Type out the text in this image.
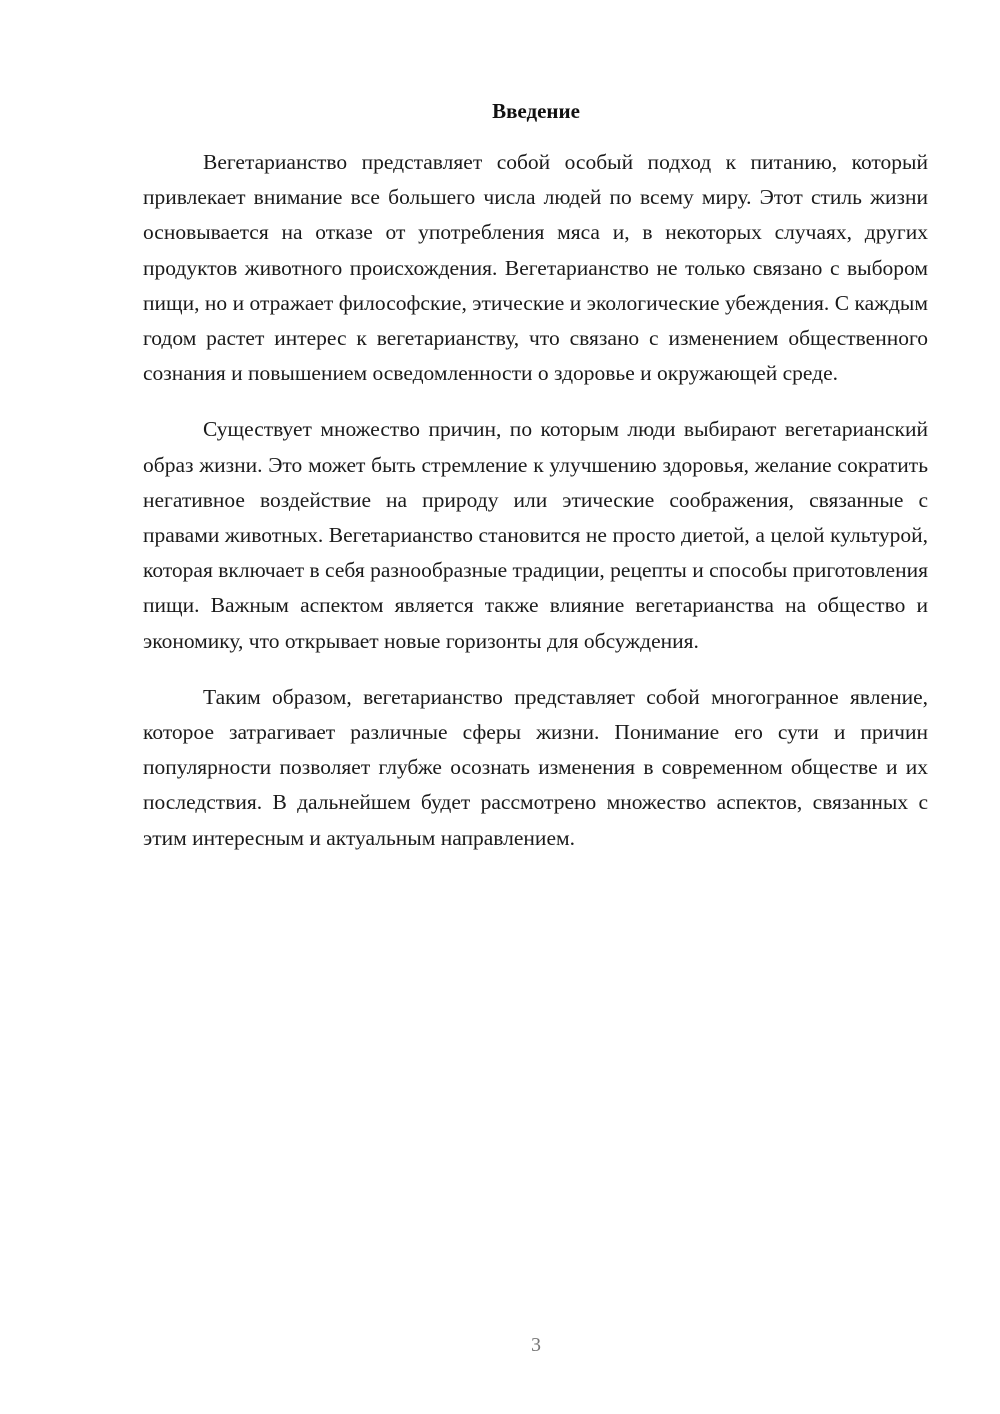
Введение

Вегетарианство представляет собой особый подход к питанию, который привлекает внимание все большего числа людей по всему миру. Этот стиль жизни основывается на отказе от употребления мяса и, в некоторых случаях, других продуктов животного происхождения. Вегетарианство не только связано с выбором пищи, но и отражает философские, этические и экологические убеждения. С каждым годом растет интерес к вегетарианству, что связано с изменением общественного сознания и повышением осведомленности о здоровье и окружающей среде.

Существует множество причин, по которым люди выбирают вегетарианский образ жизни. Это может быть стремление к улучшению здоровья, желание сократить негативное воздействие на природу или этические соображения, связанные с правами животных. Вегетарианство становится не просто диетой, а целой культурой, которая включает в себя разнообразные традиции, рецепты и способы приготовления пищи. Важным аспектом является также влияние вегетарианства на общество и экономику, что открывает новые горизонты для обсуждения.

Таким образом, вегетарианство представляет собой многогранное явление, которое затрагивает различные сферы жизни. Понимание его сути и причин популярности позволяет глубже осознать изменения в современном обществе и их последствия. В дальнейшем будет рассмотрено множество аспектов, связанных с этим интересным и актуальным направлением.

3
